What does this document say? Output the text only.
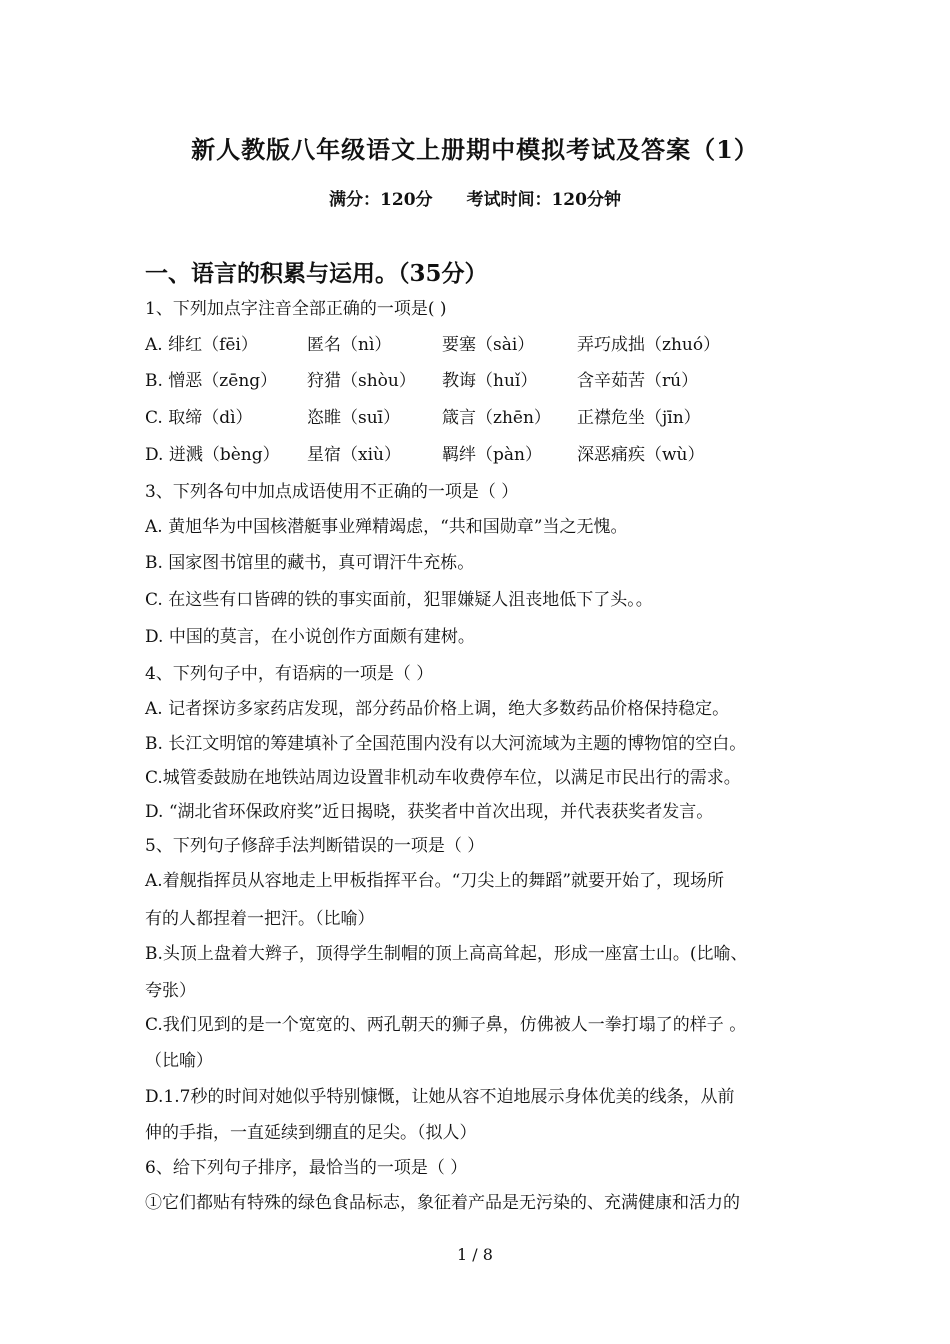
新人教版八年级语文上册期中模拟考试及答案（1）
满分：120分 考试时间：120分钟
一、语言的积累与运用。（35分）
1、下列加点字注音全部正确的一项是( )
A. 绯红（fēi）	匿名（nì）	要塞（sài）	弄巧成拙（zhuó）
B. 憎恶（zēng） 狩猎（shòu） 教诲（huǐ） 含辛茹苦（rú）
C. 取缔（dì）	恣睢（suī） 箴言（zhēn） 正襟危坐（jīn）
D. 迸溅（bèng） 星宿（xiù） 羁绊（pàn） 深恶痛疾（wù）
3、下列各句中加点成语使用不正确的一项是（ ）
A. 黄旭华为中国核潜艇事业殚精竭虑，“共和国勋章”当之无愧。
B. 国家图书馆里的藏书，真可谓汗牛充栋。
C. 在这些有口皆碑的铁的事实面前，犯罪嫌疑人沮丧地低下了头。。
D. 中国的莫言，在小说创作方面颇有建树。
4、下列句子中，有语病的一项是（ ）
A. 记者探访多家药店发现，部分药品价格上调，绝大多数药品价格保持稳定。
B. 长江文明馆的筹建填补了全国范围内没有以大河流域为主题的博物馆的空白。
C.城管委鼓励在地铁站周边设置非机动车收费停车位，以满足市民出行的需求。
D. “湖北省环保政府奖”近日揭晓，获奖者中首次出现，并代表获奖者发言。
5、下列句子修辞手法判断错误的一项是（ ）
A.着舰指挥员从容地走上甲板指挥平台。“刀尖上的舞蹈”就要开始了，现场所
有的人都捏着一把汗。（比喻）
B.头顶上盘着大辫子，顶得学生制帽的顶上高高耸起，形成一座富士山。(比喻、
夸张）
C.我们见到的是一个宽宽的、两孔朝天的狮子鼻，仿佛被人一拳打塌了的样子 。
（比喻）
D.1.7秒的时间对她似乎特别慷慨，让她从容不迫地展示身体优美的线条，从前
伸的手指，一直延续到绷直的足尖。（拟人）
6、给下列句子排序，最恰当的一项是（ ）
①它们都贴有特殊的绿色食品标志，象征着产品是无污染的、充满健康和活力的
1 / 8
